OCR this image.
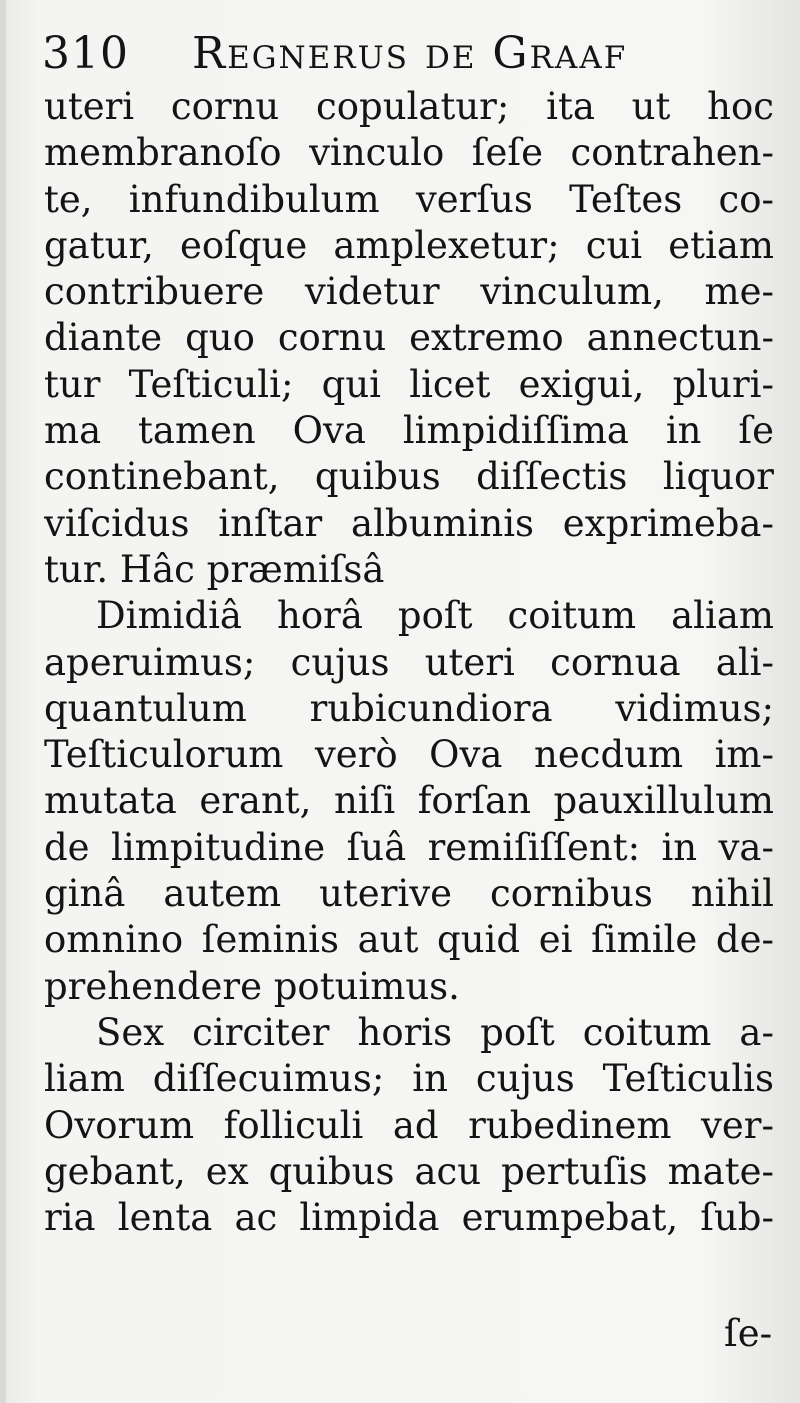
310 Regnerus de Graaf
uteri cornu copulatur; ita ut hoc
membranoſo vinculo ſeſe contrahen-
te, infundibulum verſus Teſtes co-
gatur, eoſque amplexetur; cui etiam
contribuere videtur vinculum, me-
diante quo cornu extremo annectun-
tur Teſticuli; qui licet exigui, pluri-
ma tamen Ova limpidiſſima in ſe
continebant, quibus diſſectis liquor
viſcidus inſtar albuminis exprimeba-
tur. Hâc præmiſsâ
Dimidiâ horâ poſt coitum aliam
aperuimus; cujus uteri cornua ali-
quantulum rubicundiora vidimus;
Teſticulorum verò Ova necdum im-
mutata erant, niſi forſan pauxillulum
de limpitudine ſuâ remiſiſſent: in va-
ginâ autem uterive cornibus nihil
omnino ſeminis aut quid ei ſimile de-
prehendere potuimus.
Sex circiter horis poſt coitum a-
liam diſſecuimus; in cujus Teſticulis
Ovorum folliculi ad rubedinem ver-
gebant, ex quibus acu pertuſis mate-
ria lenta ac limpida erumpebat, ſub-
ſe-
